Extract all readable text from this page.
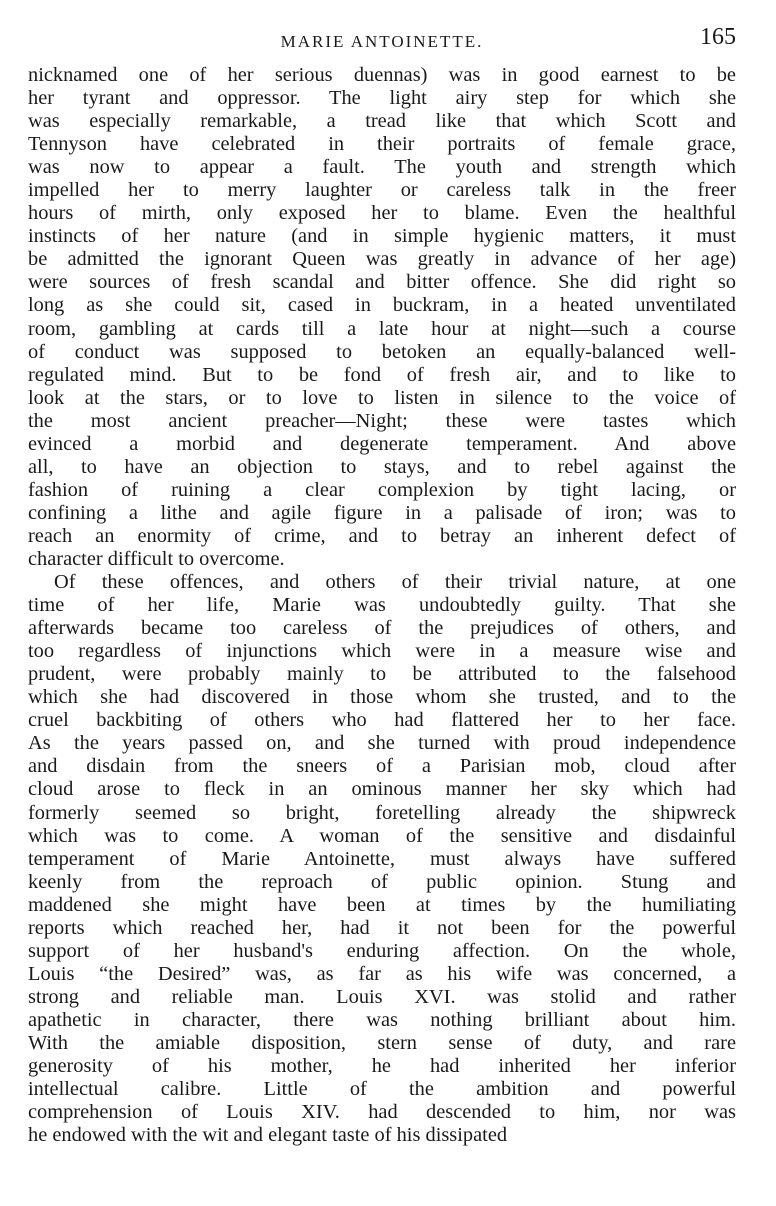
MARIE ANTOINETTE.	165
nicknamed one of her serious duennas) was in good earnest to be
her tyrant and oppressor. The light airy step for which she
was especially remarkable, a tread like that which Scott and
Tennyson have celebrated in their portraits of female grace,
was now to appear a fault. The youth and strength which
impelled her to merry laughter or careless talk in the freer
hours of mirth, only exposed her to blame. Even the healthful
instincts of her nature (and in simple hygienic matters, it must
be admitted the ignorant Queen was greatly in advance of her age)
were sources of fresh scandal and bitter offence. She did right so
long as she could sit, cased in buckram, in a heated unventilated
room, gambling at cards till a late hour at night—such a course
of conduct was supposed to betoken an equally-balanced well-
regulated mind. But to be fond of fresh air, and to like to
look at the stars, or to love to listen in silence to the voice of
the most ancient preacher—Night; these were tastes which
evinced a morbid and degenerate temperament. And above
all, to have an objection to stays, and to rebel against the
fashion of ruining a clear complexion by tight lacing, or
confining a lithe and agile figure in a palisade of iron; was to
reach an enormity of crime, and to betray an inherent defect of
character difficult to overcome.
Of these offences, and others of their trivial nature, at one
time of her life, Marie was undoubtedly guilty. That she
afterwards became too careless of the prejudices of others, and
too regardless of injunctions which were in a measure wise and
prudent, were probably mainly to be attributed to the falsehood
which she had discovered in those whom she trusted, and to the
cruel backbiting of others who had flattered her to her face.
As the years passed on, and she turned with proud independence
and disdain from the sneers of a Parisian mob, cloud after
cloud arose to fleck in an ominous manner her sky which had
formerly seemed so bright, foretelling already the shipwreck
which was to come. A woman of the sensitive and disdainful
temperament of Marie Antoinette, must always have suffered
keenly from the reproach of public opinion. Stung and
maddened she might have been at times by the humiliating
reports which reached her, had it not been for the powerful
support of her husband's enduring affection. On the whole,
Louis “the Desired” was, as far as his wife was concerned, a
strong and reliable man. Louis XVI. was stolid and rather
apathetic in character, there was nothing brilliant about him.
With the amiable disposition, stern sense of duty, and rare
generosity of his mother, he had inherited her inferior
intellectual calibre. Little of the ambition and powerful
comprehension of Louis XIV. had descended to him, nor was
he endowed with the wit and elegant taste of his dissipated
